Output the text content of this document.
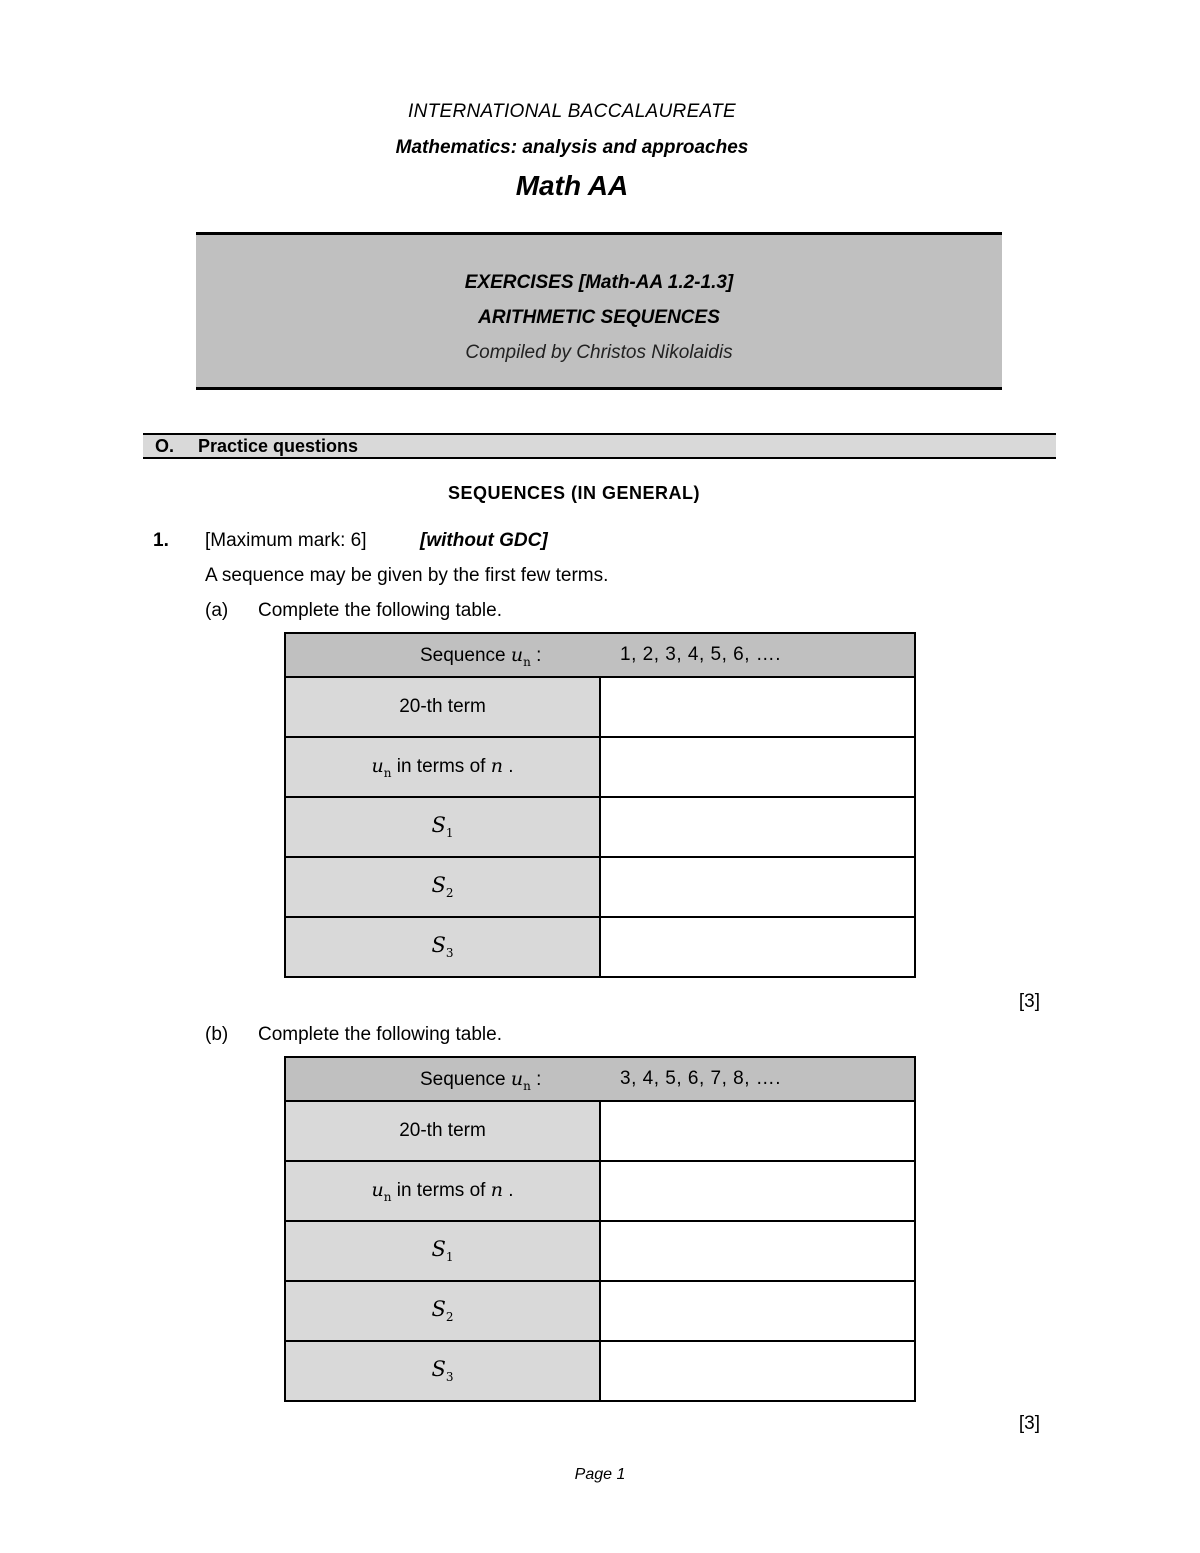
INTERNATIONAL BACCALAUREATE
Mathematics: analysis and approaches
Math AA
EXERCISES [Math-AA 1.2-1.3]
ARITHMETIC SEQUENCES
Compiled by Christos Nikolaidis
O. Practice questions
SEQUENCES (IN GENERAL)
1. [Maximum mark: 6]	[without GDC]
A sequence may be given by the first few terms.
(a) Complete the following table.
Sequence $u_n$ : 1, 2, 3, 4, 5, 6, ….	

20-th term	
$u_n$ in terms of n .	
$S_1$	
$S_2$	
$S_3$	
[3]
(b) Complete the following table.
Sequence $u_n$ : 3, 4, 5, 6, 7, 8, ….	

20-th term	
$u_n$ in terms of n .	
$S_1$	
$S_2$	
$S_3$	
[3]
Page 1
